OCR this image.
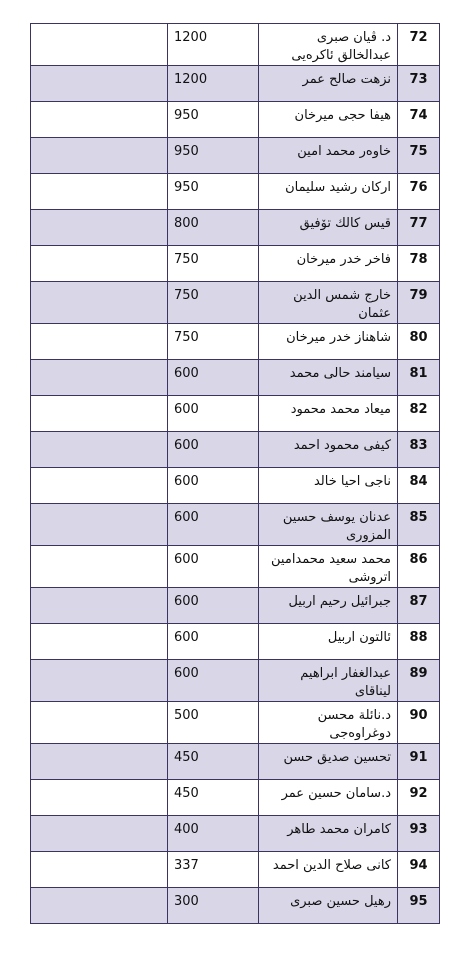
	1200	د. ڤيان صبرى عبدالخالق ئاكرەيى	72
	1200	نزهت صالح عمر	73
	950	هيفا حجى ميرخان	74
	950	خاوەر محمد امين	75
	950	اركان رشيد سليمان	76
	800	قيس كالك تۆفيق	77
	750	فاخر خدر ميرخان	78
	750	خارج شمس الدين عثمان	79
	750	شاهناز خدر ميرخان	80
	600	سيامند حالى محمد	81
	600	ميعاد محمد محمود	82
	600	كيفى محمود احمد	83
	600	ناجى احيا خالد	84
	600	عدنان يوسف حسين المزورى	85
	600	محمد سعيد محمدامين اتروشى	86
	600	جبرائيل رحيم اربيل	87
	600	ئالتون اربيل	88
	600	عبدالغفار ابراهيم ليناقاى	89
	500	د.نائلة محسن دوغراوەجى	90
	450	تحسين صديق حسن	91
	450	د.سامان حسين عمر	92
	400	كامران محمد طاهر	93
	337	كانى صلاح الدين احمد	94
	300	رهيل حسين صبرى	95
